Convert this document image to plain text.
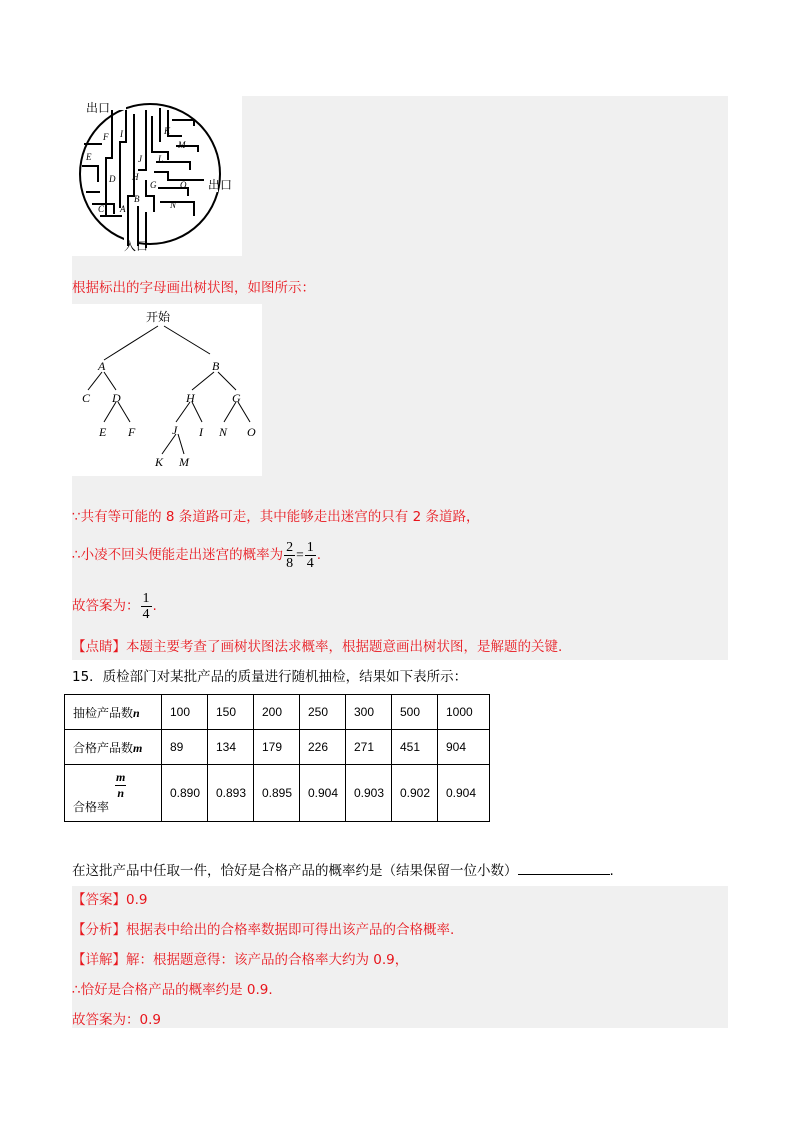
F I	K
M
E	J L
D H
G	O
B
C A	N
出口
出口
入口
根据标出的字母画出树状图，如图所示：
开始
A	B
C D
E F
H	G
J I N O
K M
∵共有等可能的 8 条道路可走，其中能够走出迷宫的只有 2 条道路，
∴小凌不回头便能走出迷宫的概率为 $\frac{2}{8} = \frac{1}{4}$ .
故答案为： $\frac{1}{4}$ .
【点睛】本题主要考查了画树状图法求概率，根据题意画出树状图，是解题的关键.
15．质检部门对某批产品的质量进行随机抽检，结果如下表所示：
抽检产品数n	100	150	200	250	300	500	1000
合格产品数m	89	134	179	226	271	451	904

$\frac{m}{n}$
合格率	0.890	0.893	0.895	0.904	0.903	0.902	0.904
在这批产品中任取一件，恰好是合格产品的概率约是（结果保留一位小数）	.
【答案】0.9
【分析】根据表中给出的合格率数据即可得出该产品的合格概率.
【详解】解：根据题意得：该产品的合格率大约为 0.9，
∴恰好是合格产品的概率约是 0.9.
故答案为：0.9
